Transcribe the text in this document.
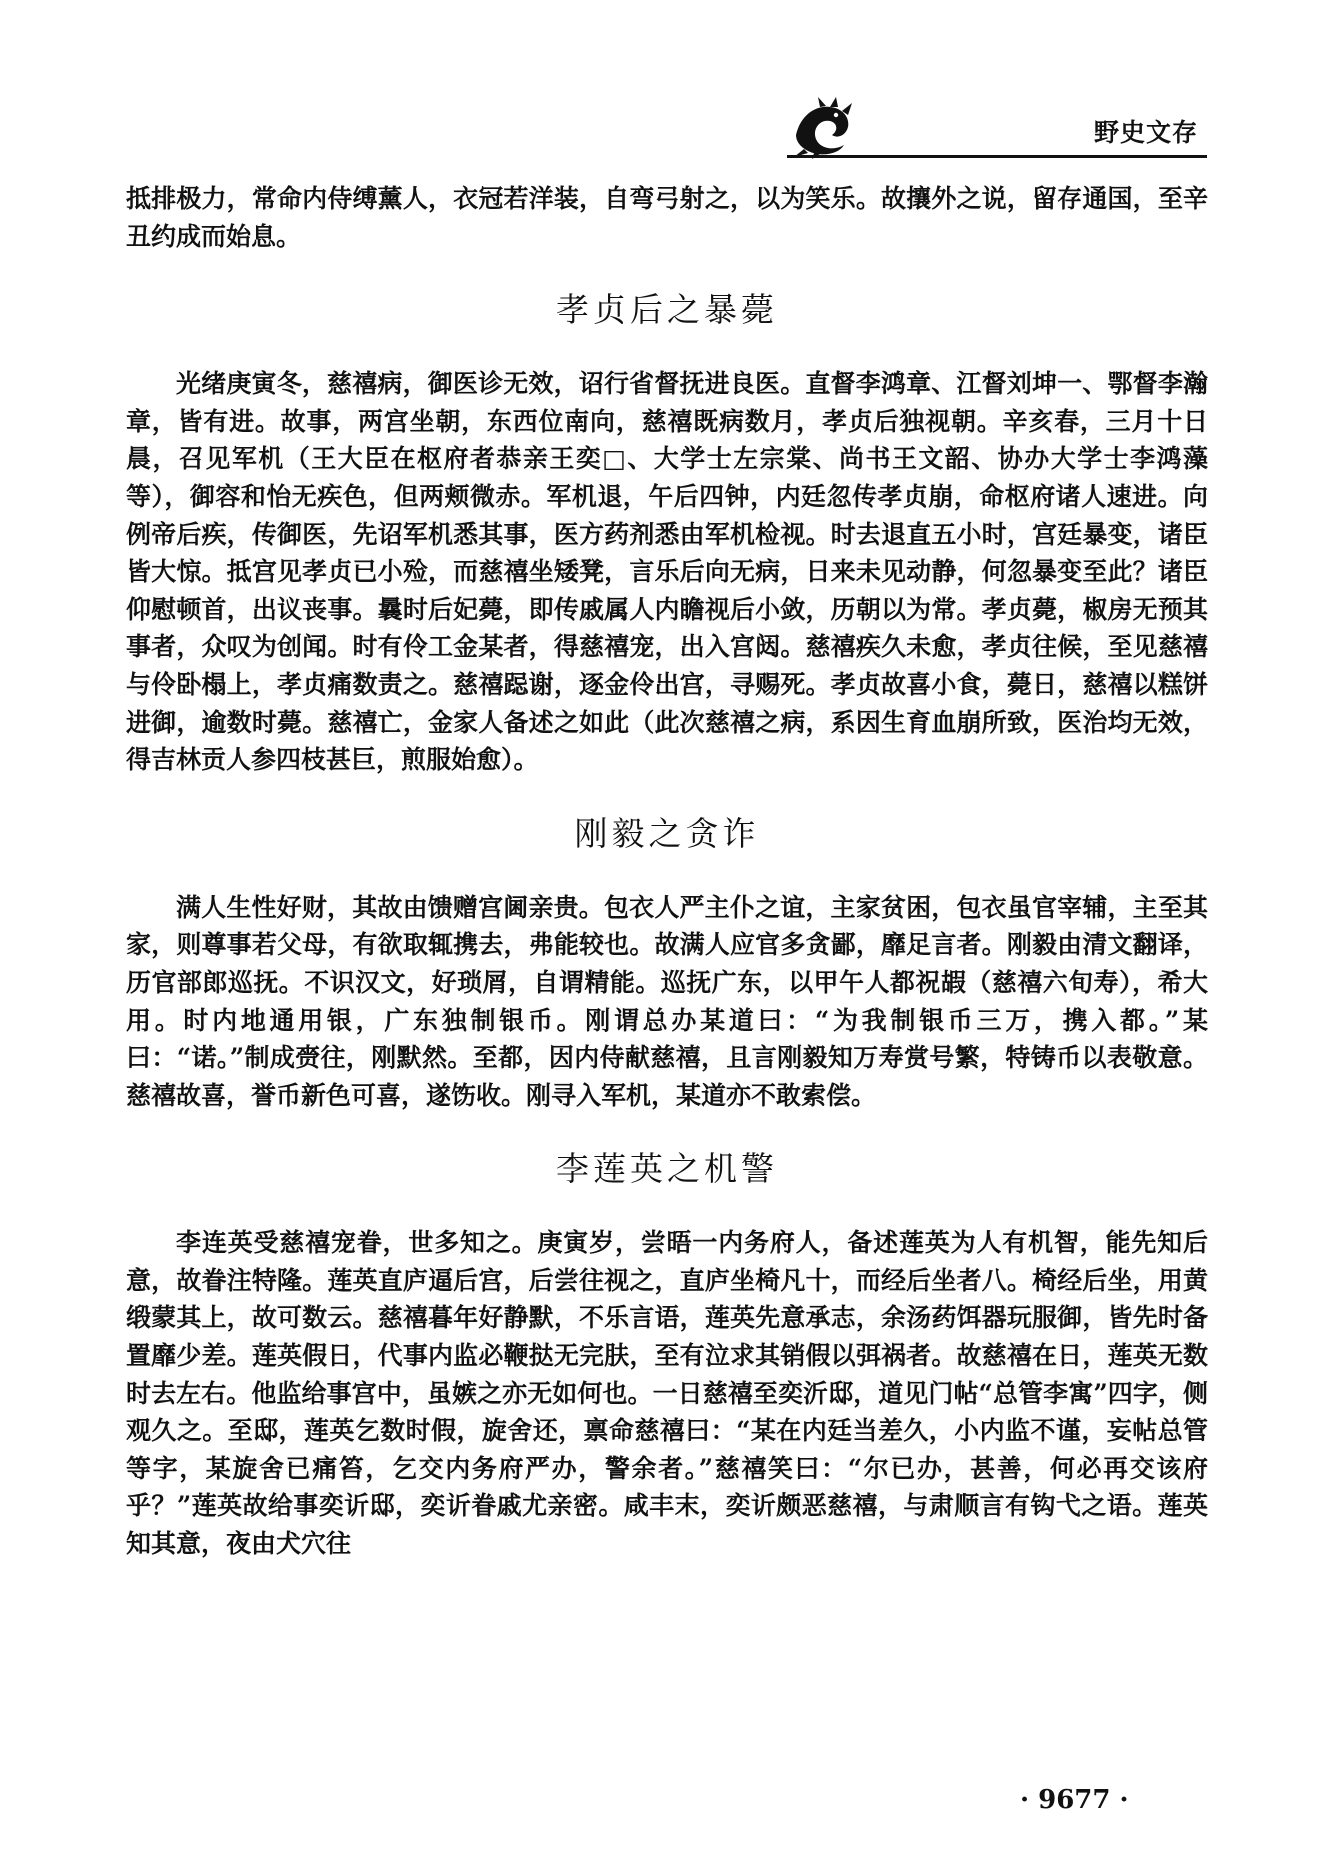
野史文存

抵排极力，常命内侍缚薰人，衣冠若洋装，自弯弓射之，以为笑乐。故攘外之说，留存通国，至辛丑约成而始息。

孝贞后之暴薨

光绪庚寅冬，慈禧病，御医诊无效，诏行省督抚进良医。直督李鸿章、江督刘坤一、鄂督李瀚章，皆有进。故事，两宫坐朝，东西位南向，慈禧既病数月，孝贞后独视朝。辛亥春，三月十日晨，召见军机（王大臣在枢府者恭亲王奕□、大学士左宗棠、尚书王文韶、协办大学士李鸿藻等），御容和怡无疾色，但两颊微赤。军机退，午后四钟，内廷忽传孝贞崩，命枢府诸人速进。向例帝后疾，传御医，先诏军机悉其事，医方药剂悉由军机检视。时去退直五小时，宫廷暴变，诸臣皆大惊。抵宫见孝贞已小殓，而慈禧坐矮凳，言乐后向无病，日来未见动静，何忽暴变至此？诸臣仰慰顿首，出议丧事。曩时后妃薨，即传戚属人内瞻视后小敛，历朝以为常。孝贞薨，椒房无预其事者，众叹为创闻。时有伶工金某者，得慈禧宠，出入宫闼。慈禧疾久未愈，孝贞往候，至见慈禧与伶卧榻上，孝贞痛数责之。慈禧跽谢，逐金伶出宫，寻赐死。孝贞故喜小食，薨日，慈禧以糕饼进御，逾数时薨。慈禧亡，金家人备述之如此（此次慈禧之病，系因生育血崩所致，医治均无效，得吉林贡人参四枝甚巨，煎服始愈）。

刚毅之贪诈

满人生性好财，其故由馈赠宫阃亲贵。包衣人严主仆之谊，主家贫困，包衣虽官宰辅，主至其家，则尊事若父母，有欲取辄携去，弗能较也。故满人应官多贪鄙，靡足言者。刚毅由清文翻译，历官部郎巡抚。不识汉文，好琐屑，自谓精能。巡抚广东，以甲午人都祝嘏（慈禧六旬寿），希大用。时内地通用银，广东独制银币。刚谓总办某道曰：“为我制银币三万，携入都。”某曰：“诺。”制成赍往，刚默然。至都，因内侍献慈禧，且言刚毅知万寿赏号繁，特铸币以表敬意。慈禧故喜，誉币新色可喜，遂饬收。刚寻入军机，某道亦不敢索偿。

李莲英之机警

李连英受慈禧宠眷，世多知之。庚寅岁，尝晤一内务府人，备述莲英为人有机智，能先知后意，故眷注特隆。莲英直庐逼后宫，后尝往视之，直庐坐椅凡十，而经后坐者八。椅经后坐，用黄缎蒙其上，故可数云。慈禧暮年好静默，不乐言语，莲英先意承志，余汤药饵器玩服御，皆先时备置靡少差。莲英假日，代事内监必鞭挞无完肤，至有泣求其销假以弭祸者。故慈禧在日，莲英无数时去左右。他监给事宫中，虽嫉之亦无如何也。一日慈禧至奕沂邸，道见门帖“总管李寓”四字，侧观久之。至邸，莲英乞数时假，旋舍还，禀命慈禧曰：“某在内廷当差久，小内监不谨，妄帖总管等字，某旋舍已痛笞，乞交内务府严办，警余者。”慈禧笑曰：“尔已办，甚善，何必再交该府乎？”莲英故给事奕䜣邸，奕䜣眷戚尤亲密。咸丰末，奕䜣颇恶慈禧，与肃顺言有钩弋之语。莲英知其意，夜由犬穴往

· 9677 ·
